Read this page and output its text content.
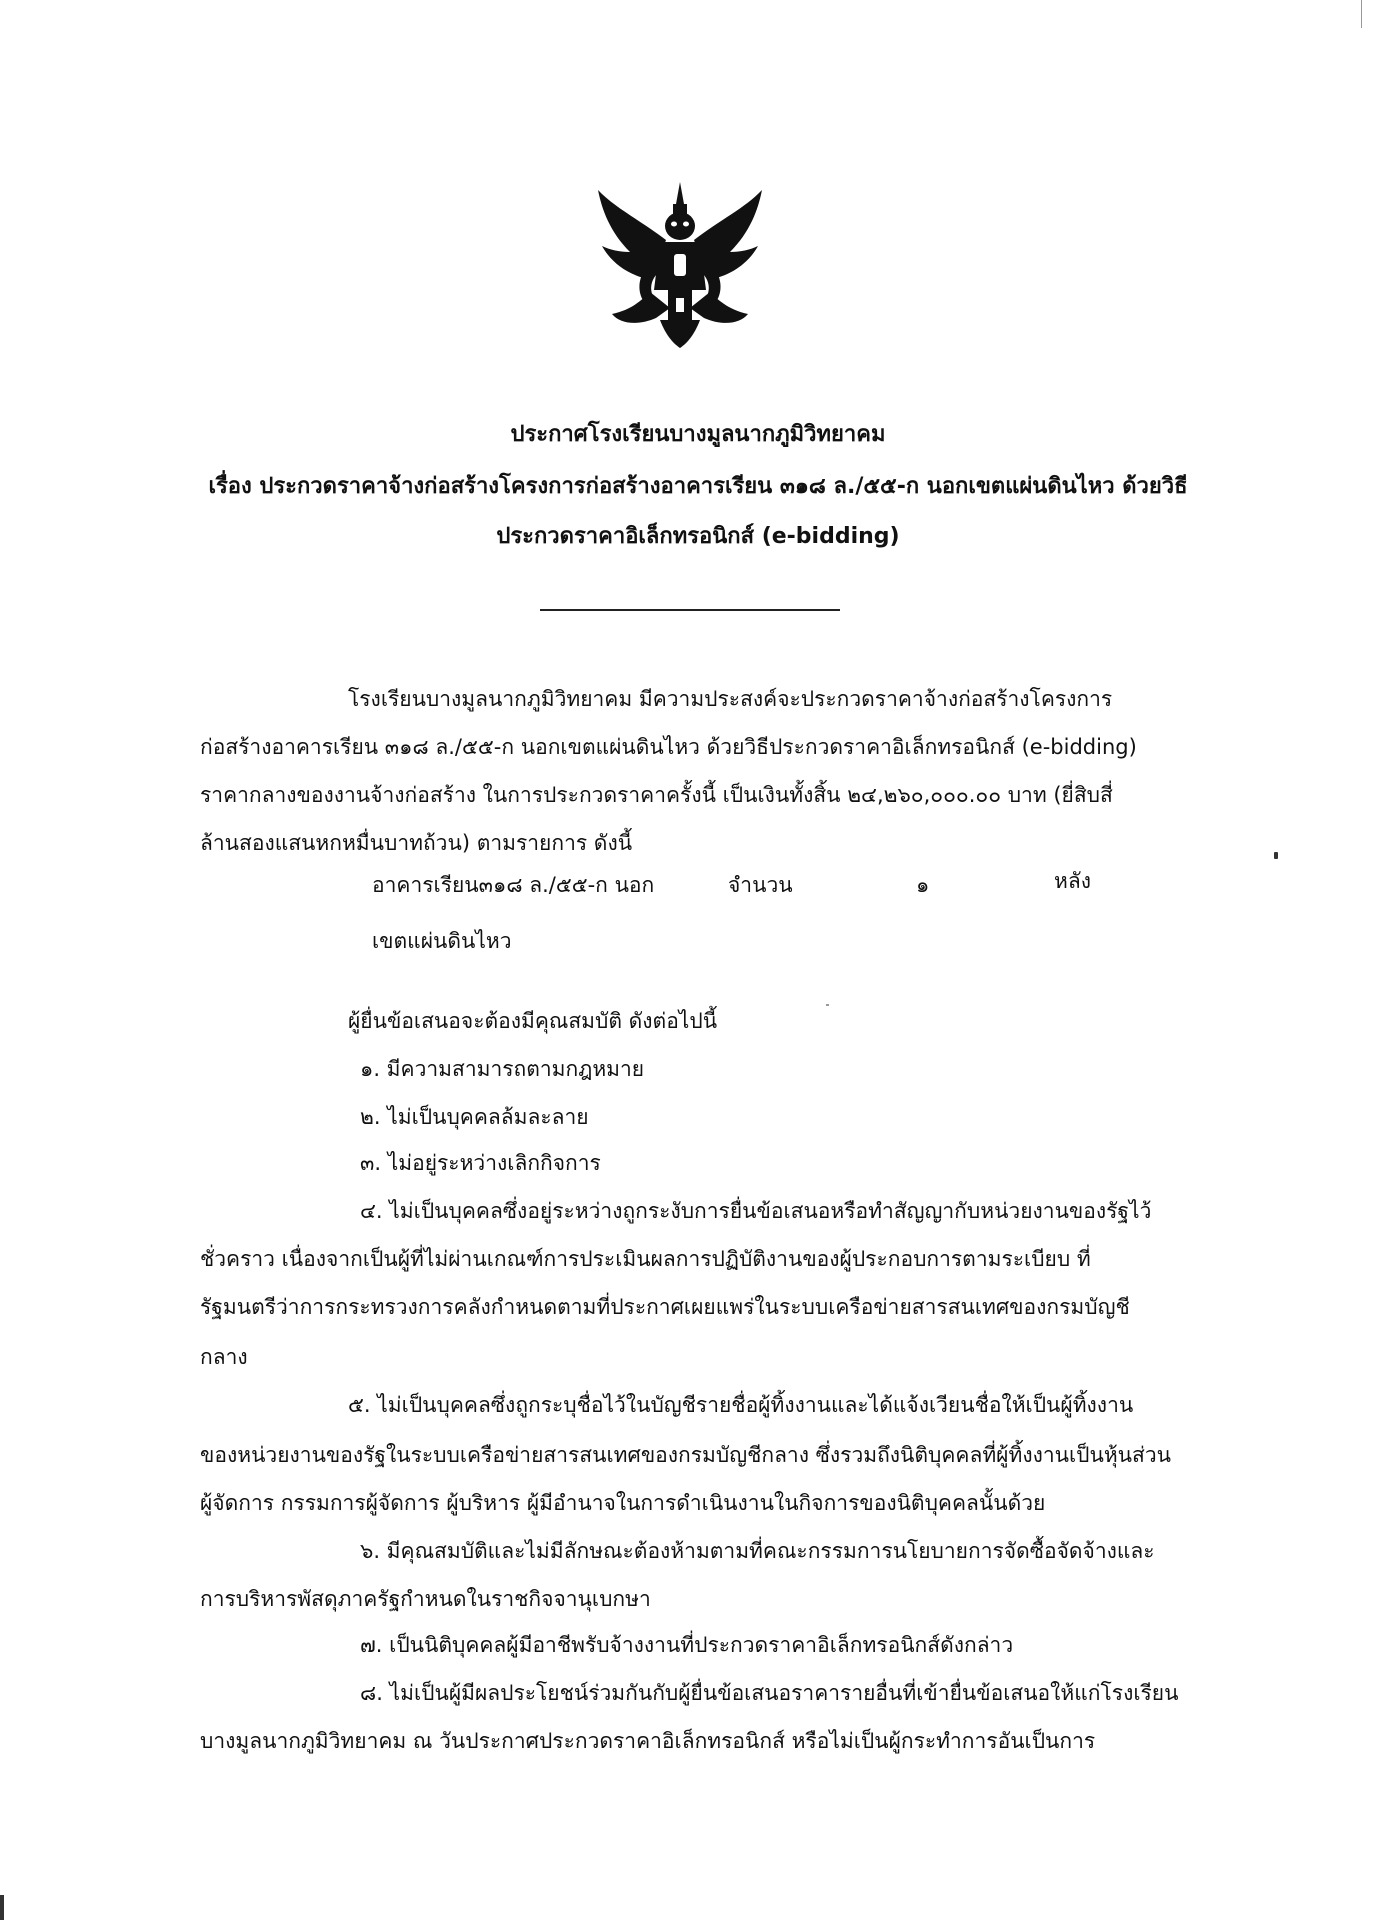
ประกาศโรงเรียนบางมูลนากภูมิวิทยาคม
เรื่อง ประกวดราคาจ้างก่อสร้างโครงการก่อสร้างอาคารเรียน ๓๑๘ ล./๕๕-ก นอกเขตแผ่นดินไหว ด้วยวิธี
ประกวดราคาอิเล็กทรอนิกส์ (e-bidding)
โรงเรียนบางมูลนากภูมิวิทยาคม มีความประสงค์จะประกวดราคาจ้างก่อสร้างโครงการ
ก่อสร้างอาคารเรียน ๓๑๘ ล./๕๕-ก นอกเขตแผ่นดินไหว ด้วยวิธีประกวดราคาอิเล็กทรอนิกส์ (e-bidding)
ราคากลางของงานจ้างก่อสร้าง ในการประกวดราคาครั้งนี้ เป็นเงินทั้งสิ้น ๒๔,๒๖๐,๐๐๐.๐๐ บาท (ยี่สิบสี่
ล้านสองแสนหกหมื่นบาทถ้วน) ตามรายการ ดังนี้
อาคารเรียน๓๑๘ ล./๕๕-ก นอก	จำนวน	๑	หลัง
เขตแผ่นดินไหว
ผู้ยื่นข้อเสนอจะต้องมีคุณสมบัติ ดังต่อไปนี้
๑. มีความสามารถตามกฎหมาย
๒. ไม่เป็นบุคคลล้มละลาย
๓. ไม่อยู่ระหว่างเลิกกิจการ
๔. ไม่เป็นบุคคลซึ่งอยู่ระหว่างถูกระงับการยื่นข้อเสนอหรือทำสัญญากับหน่วยงานของรัฐไว้
ชั่วคราว เนื่องจากเป็นผู้ที่ไม่ผ่านเกณฑ์การประเมินผลการปฏิบัติงานของผู้ประกอบการตามระเบียบ ที่
รัฐมนตรีว่าการกระทรวงการคลังกำหนดตามที่ประกาศเผยแพร่ในระบบเครือข่ายสารสนเทศของกรมบัญชี
กลาง
๕. ไม่เป็นบุคคลซึ่งถูกระบุชื่อไว้ในบัญชีรายชื่อผู้ทิ้งงานและได้แจ้งเวียนชื่อให้เป็นผู้ทิ้งงาน
ของหน่วยงานของรัฐในระบบเครือข่ายสารสนเทศของกรมบัญชีกลาง ซึ่งรวมถึงนิติบุคคลที่ผู้ทิ้งงานเป็นหุ้นส่วน
ผู้จัดการ กรรมการผู้จัดการ ผู้บริหาร ผู้มีอำนาจในการดำเนินงานในกิจการของนิติบุคคลนั้นด้วย
๖. มีคุณสมบัติและไม่มีลักษณะต้องห้ามตามที่คณะกรรมการนโยบายการจัดซื้อจัดจ้างและ
การบริหารพัสดุภาครัฐกำหนดในราชกิจจานุเบกษา
๗. เป็นนิติบุคคลผู้มีอาชีพรับจ้างงานที่ประกวดราคาอิเล็กทรอนิกส์ดังกล่าว
๘. ไม่เป็นผู้มีผลประโยชน์ร่วมกันกับผู้ยื่นข้อเสนอราคารายอื่นที่เข้ายื่นข้อเสนอให้แก่โรงเรียน
บางมูลนากภูมิวิทยาคม ณ วันประกาศประกวดราคาอิเล็กทรอนิกส์ หรือไม่เป็นผู้กระทำการอันเป็นการ
